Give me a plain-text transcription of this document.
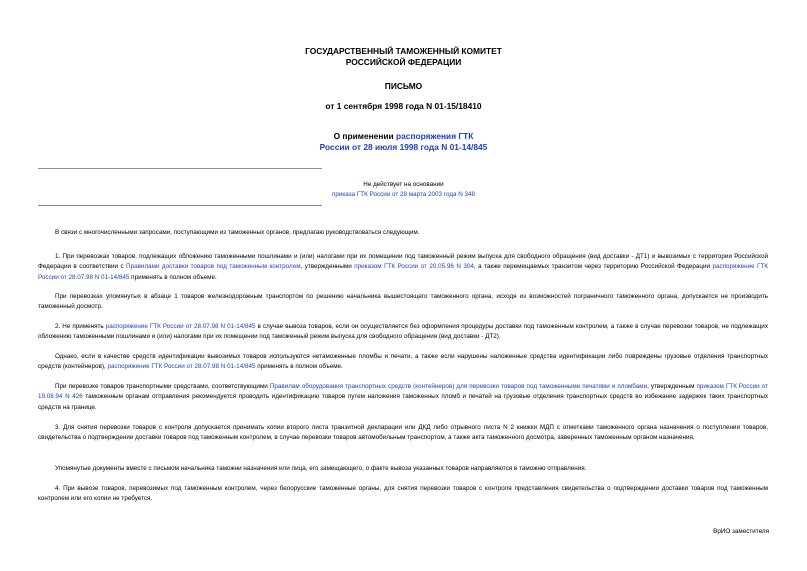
ГОСУДАРСТВЕННЫЙ ТАМОЖЕННЫЙ КОМИТЕТ
РОССИЙСКОЙ ФЕДЕРАЦИИ
ПИСЬМО
от 1 сентября 1998 года N 01-15/18410
О применении распоряжения ГТК
России от 28 июля 1998 года N 01-14/845
Не действует на основании
приказа ГТК России от 28 марта 2003 года N 348
В связи с многочисленными запросами, поступающими из таможенных органов, предлагаю руководствоваться следующим.
1. При перевозках товаров, подлежащих обложению таможенными пошлинами и (или) налогами при их помещении под таможенный режим выпуска для свободного обращения (вид доставки - ДТ1) и вывозимых с территории Российской Федерации в соответствии с Правилами доставки товаров под таможенным контролем, утвержденными приказом ГТК России от 20.05.96 N 304, а также перемещаемых транзитом через территорию Российской Федерации распоряжение ГТК России от 28.07.98 N 01-14/845 применять в полном объеме.
При перевозках упомянутых в абзаце 1 товаров железнодорожным транспортом по решению начальника вышестоящего таможенного органа, исходя из возможностей пограничного таможенного органа, допускается не производить таможенный досмотр.
2. Не применять распоряжение ГТК России от 28.07.98 N 01-14/845 в случае вывоза товаров, если он осуществляется без оформления процедуры доставки под таможенным контролем, а также в случае перевозки товаров, не подлежащих обложению таможенными пошлинами и (или) налогами при их помещении под таможенный режим выпуска для свободного обращения (вид доставки - ДТ2).
Однако, если в качестве средств идентификации вывозимых товаров используются нетаможенные пломбы и печати, а также если нарушены наложенные средства идентификации либо повреждены грузовые отделения транспортных средств (контейнеров), распоряжение ГТК России от 28.07.98 N 01-14/845 применять в полном объеме.
При перевозке товаров транспортными средствами, соответствующими Правилам оборудования транспортных средств (контейнеров) для перевозки товаров под таможенными печатями и пломбами, утвержденным приказом ГТК России от 19.08.94 N 426 таможенным органам отправления рекомендуется проводить идентификацию товаров путем наложения таможенных пломб и печатей на грузовые отделения транспортных средств во избежание задержек таких транспортных средств на границе.
3. Для снятия перевозки товаров с контроля допускается принимать копии второго листа транзитной декларации или ДКД либо отрывного листа N 2 книжки МДП с отметками таможенного органа назначения о поступлении товаров, свидетельства о подтверждении доставки товаров под таможенным контролем, в случае перевозки товаров автомобильным транспортом, а также акта таможенного досмотра, заверенных таможенным органом назначения.
Упомянутые документы вместе с письмом начальника таможни назначения или лица, его замещающего, о факте вывоза указанных товаров направляются в таможню отправления.
4. При вывозе товаров, перевозимых под таможенным контролем, через белорусские таможенные органы, для снятия перевозки товаров с контроля представления свидетельства о подтверждении доставки товаров под таможенным контролем или его копии не требуется.
ВрИО заместителя
